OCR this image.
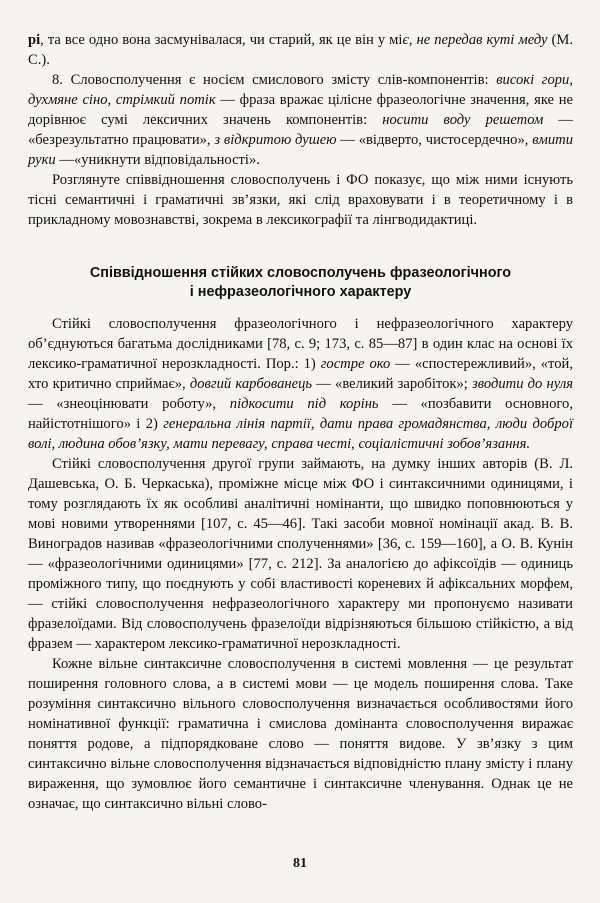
рі, та все одно вона засмунівалася, чи старий, як це він у міє, не передав кутi меду (М. С.).

8. Словосполучення є носієм смислового змісту слів-компонентів: високі гори, духмяне сіно, стрімкий потік — фраза вражає цілісне фразеологічне значення, яке не дорівнює сумі лексичних значень компонентів: носити воду решетом — «безрезультатно працювати», з відкритою душею — «відверто, чистосердечно», вмити руки —«уникнути відповідальності».

Розглянуте співвідношення словосполучень і ФО показує, що між ними існують тісні семантичні і граматичні зв’язки, які слід враховувати і в теоретичному і в прикладному мовознавстві, зокрема в лексикографії та лінгводидактиці.

Співвідношення стійких словосполучень фразеологічного
і нефразеологічного характеру

Стійкі словосполучення фразеологічного і нефразеологічного характеру об’єднуються багатьма дослідниками [78, с. 9; 173, с. 85—87] в один клас на основі їх лексико-граматичної нерозкладності. Пор.: 1) гостре око — «спостережливий», «той, хто критично сприймає», довгий карбованець — «великий заробіток»; зводити до нуля — «знеоцінювати роботу», підкосити під корінь — «позбавити основного, найістотнішого» і 2) генеральна лінія партії, дати права громадянства, люди доброї волі, людина обов’язку, мати перевагу, справа честі, соціалістичні зобов’язання.

Стійкі словосполучення другої групи займають, на думку інших авторів (В. Л. Дашевська, О. Б. Черкаська), проміжне місце між ФО і синтаксичними одиницями, і тому розглядають їх як особливі аналітичні номінанти, що швидко поповнюються у мові новими утвореннями [107, с. 45—46]. Такі засоби мовної номінації акад. В. В. Виноградов називав «фразеологічними сполученнями» [36, с. 159—160], а О. В. Кунін — «фразеологічними одиницями» [77, с. 212]. За аналогією до афіксоїдів — одиниць проміжного типу, що поєднують у собі властивості кореневих й афіксальних морфем,— стійкі словосполучення нефразеологічного характеру ми пропонуємо називати фразелоїдами. Від словосполучень фразелоїди відрізняються більшою стійкістю, а від фразем — характером лексико-граматичної нерозкладності.

Кожне вільне синтаксичне словосполучення в системі мовлення — це результат поширення головного слова, а в системі мови — це модель поширення слова. Таке розуміння синтаксично вільного словосполучення визначається особливостями його номінативної функції: граматична і смислова домінанта словосполучення виражає поняття родове, а підпорядковане слово — поняття видове. У зв’язку з цим синтаксично вільне словосполучення відзначається відповідністю плану змісту і плану вираження, що зумовлює його семантичне і синтаксичне членування. Однак це не означає, що синтаксично вільні слово-

81
